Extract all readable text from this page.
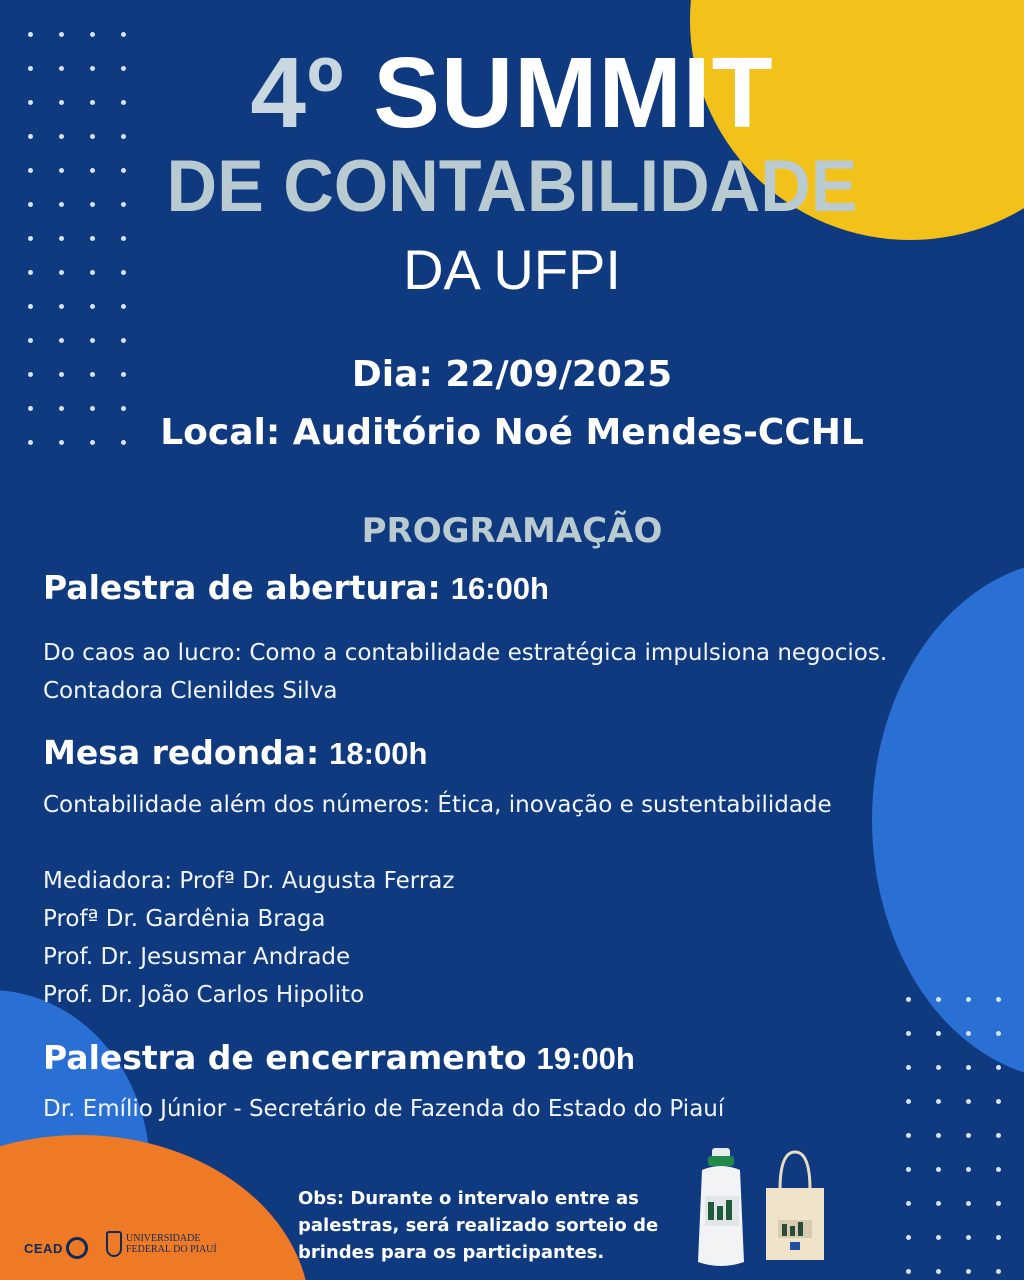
4º SUMMIT
DE CONTABILIDADE
DA UFPI
Dia: 22/09/2025
Local: Auditório Noé Mendes-CCHL
PROGRAMAÇÃO
Palestra de abertura: 16:00h
Do caos ao lucro: Como a contabilidade estratégica impulsiona negocios.
Contadora Clenildes Silva
Mesa redonda: 18:00h
Contabilidade além dos números: Ética, inovação e sustentabilidade
Mediadora: Profª Dr. Augusta Ferraz
Profª Dr. Gardênia Braga
Prof. Dr. Jesusmar Andrade
Prof. Dr. João Carlos Hipolito
Palestra de encerramento 19:00h
Dr. Emílio Júnior - Secretário de Fazenda do Estado do Piauí
Obs: Durante o intervalo entre as palestras, será realizado sorteio de brindes para os participantes.
CEAD
UNIVERSIDADE
FEDERAL DO PIAUÍ
